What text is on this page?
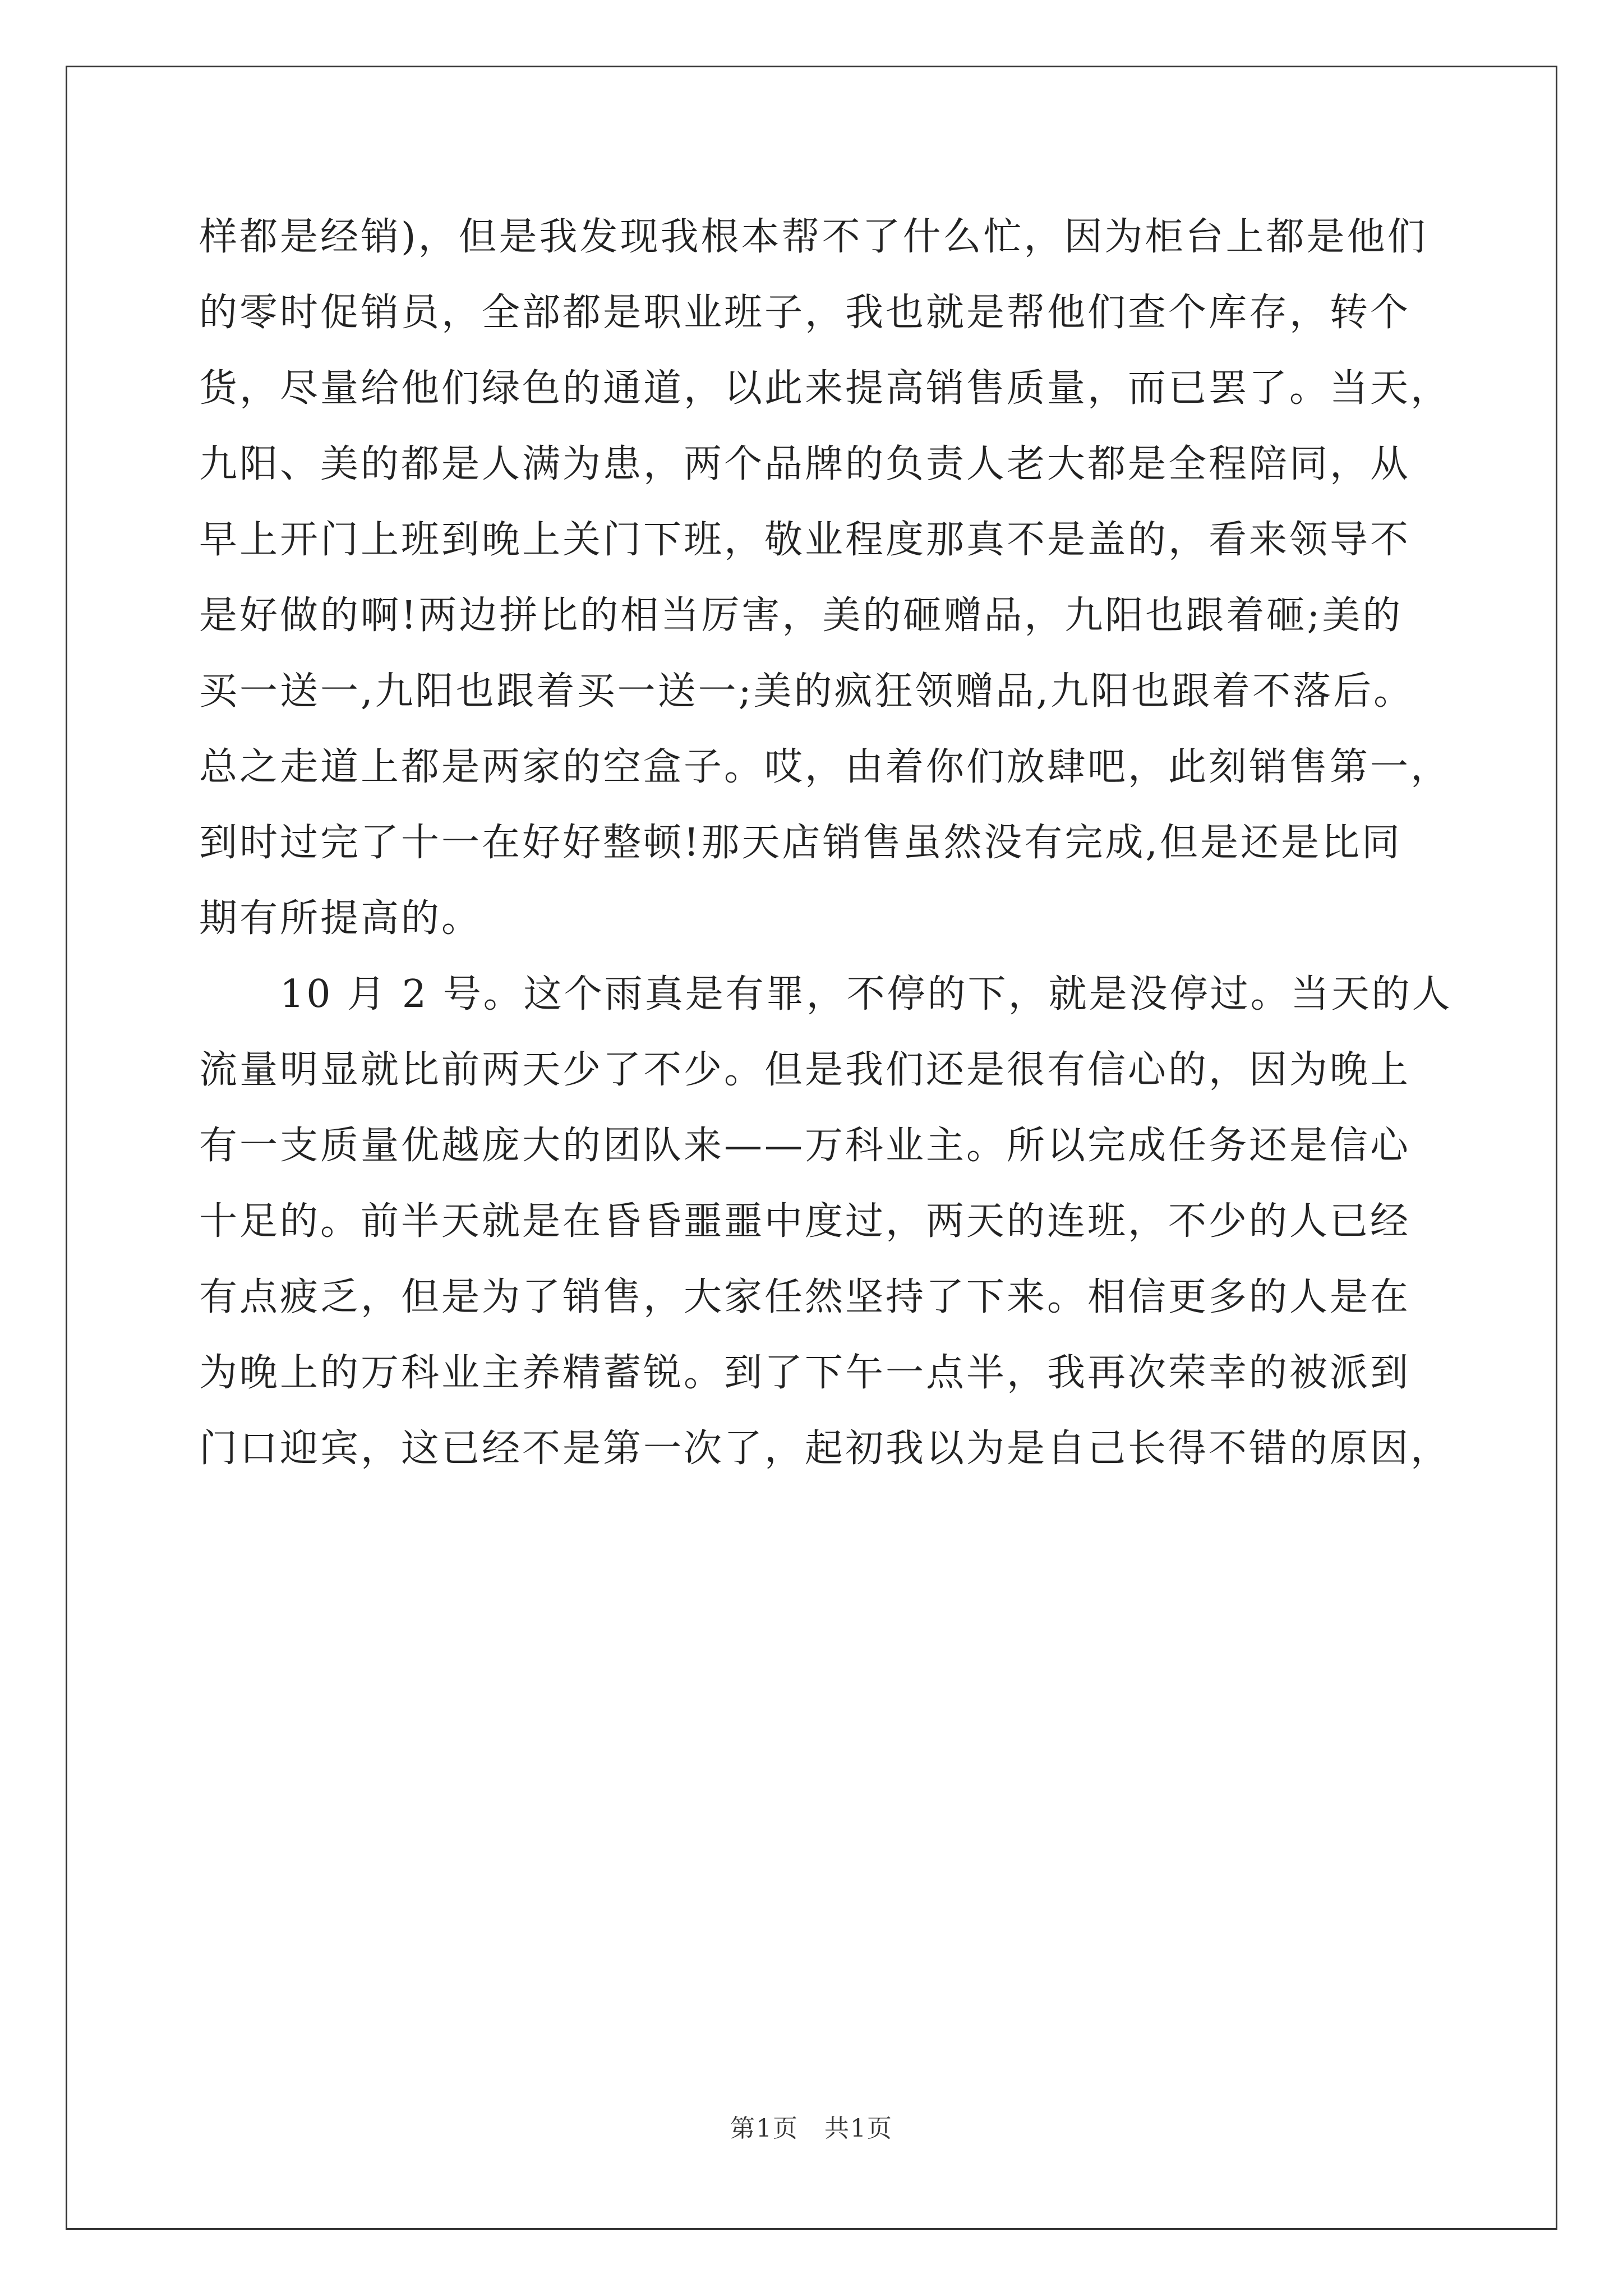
样都是经销)，但是我发现我根本帮不了什么忙，因为柜台上都是他们
的零时促销员，全部都是职业班子，我也就是帮他们查个库存，转个
货，尽量给他们绿色的通道，以此来提高销售质量，而已罢了。当天，
九阳、美的都是人满为患，两个品牌的负责人老大都是全程陪同，从
早上开门上班到晚上关门下班，敬业程度那真不是盖的，看来领导不
是好做的啊!两边拼比的相当厉害，美的砸赠品，九阳也跟着砸;美的
买一送一,九阳也跟着买一送一;美的疯狂领赠品,九阳也跟着不落后。
总之走道上都是两家的空盒子。哎，由着你们放肆吧，此刻销售第一，
到时过完了十一在好好整顿!那天店销售虽然没有完成,但是还是比同
期有所提高的。
　　10 月 2 号。这个雨真是有罪，不停的下，就是没停过。当天的人
流量明显就比前两天少了不少。但是我们还是很有信心的，因为晚上
有一支质量优越庞大的团队来——万科业主。所以完成任务还是信心
十足的。前半天就是在昏昏噩噩中度过，两天的连班，不少的人已经
有点疲乏，但是为了销售，大家任然坚持了下来。相信更多的人是在
为晚上的万科业主养精蓄锐。到了下午一点半，我再次荣幸的被派到
门口迎宾，这已经不是第一次了，起初我以为是自己长得不错的原因，
第1页　共1页
